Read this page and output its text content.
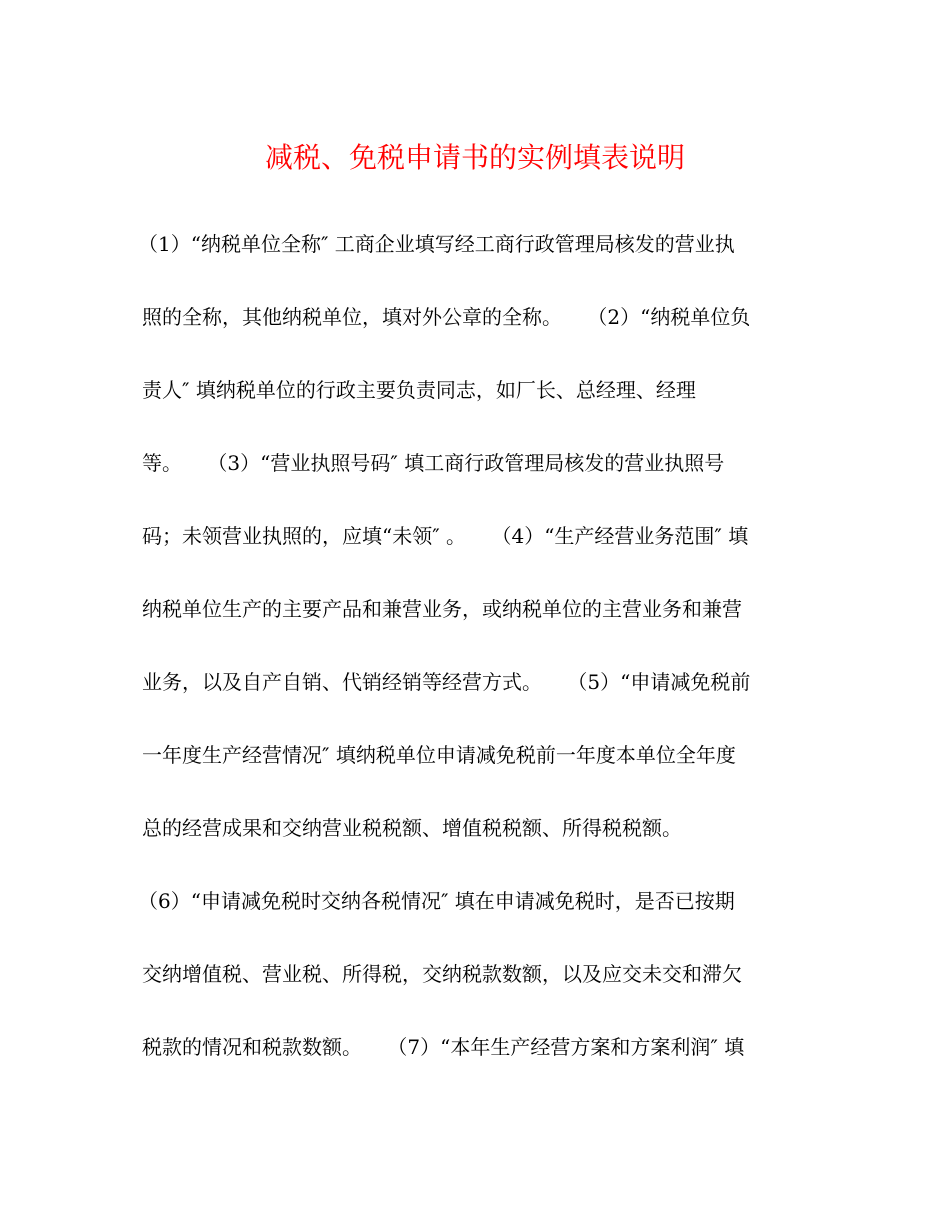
减税、免税申请书的实例填表说明
（1）“纳税单位全称″ 工商企业填写经工商行政管理局核发的营业执
照的全称，其他纳税单位，填对外公章的全称。    （2）“纳税单位负
责人″ 填纳税单位的行政主要负责同志，如厂长、总经理、经理
等。    （3）“营业执照号码″ 填工商行政管理局核发的营业执照号
码；未领营业执照的，应填“未领″ 。    （4）“生产经营业务范围″ 填
纳税单位生产的主要产品和兼营业务，或纳税单位的主营业务和兼营
业务，以及自产自销、代销经销等经营方式。    （5）“申请减免税前
一年度生产经营情况″ 填纳税单位申请减免税前一年度本单位全年度
总的经营成果和交纳营业税税额、增值税税额、所得税税额。
（6）“申请减免税时交纳各税情况″ 填在申请减免税时，是否已按期
交纳增值税、营业税、所得税，交纳税款数额，以及应交未交和滞欠
税款的情况和税款数额。    （7）“本年生产经营方案和方案利润″ 填
